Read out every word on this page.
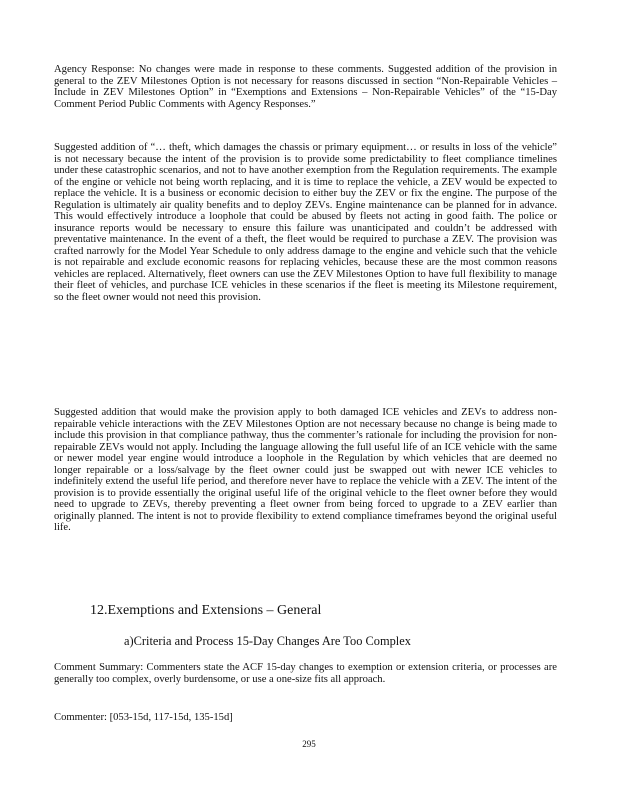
Agency Response: No changes were made in response to these comments. Suggested addition of the provision in general to the ZEV Milestones Option is not necessary for reasons discussed in section “Non-Repairable Vehicles – Include in ZEV Milestones Option” in “Exemptions and Extensions – Non-Repairable Vehicles” of the “15-Day Comment Period Public Comments with Agency Responses.”

Suggested addition of “… theft, which damages the chassis or primary equipment… or results in loss of the vehicle” is not necessary because the intent of the provision is to provide some predictability to fleet compliance timelines under these catastrophic scenarios, and not to have another exemption from the Regulation requirements. The example of the engine or vehicle not being worth replacing, and it is time to replace the vehicle, a ZEV would be expected to replace the vehicle. It is a business or economic decision to either buy the ZEV or fix the engine. The purpose of the Regulation is ultimately air quality benefits and to deploy ZEVs. Engine maintenance can be planned for in advance. This would effectively introduce a loophole that could be abused by fleets not acting in good faith. The police or insurance reports would be necessary to ensure this failure was unanticipated and couldn’t be addressed with preventative maintenance. In the event of a theft, the fleet would be required to purchase a ZEV. The provision was crafted narrowly for the Model Year Schedule to only address damage to the engine and vehicle such that the vehicle is not repairable and exclude economic reasons for replacing vehicles, because these are the most common reasons vehicles are replaced. Alternatively, fleet owners can use the ZEV Milestones Option to have full flexibility to manage their fleet of vehicles, and purchase ICE vehicles in these scenarios if the fleet is meeting its Milestone requirement, so the fleet owner would not need this provision.

Suggested addition that would make the provision apply to both damaged ICE vehicles and ZEVs to address non-repairable vehicle interactions with the ZEV Milestones Option are not necessary because no change is being made to include this provision in that compliance pathway, thus the commenter’s rationale for including the provision for non-repairable ZEVs would not apply. Including the language allowing the full useful life of an ICE vehicle with the same or newer model year engine would introduce a loophole in the Regulation by which vehicles that are deemed no longer repairable or a loss/salvage by the fleet owner could just be swapped out with newer ICE vehicles to indefinitely extend the useful life period, and therefore never have to replace the vehicle with a ZEV. The intent of the provision is to provide essentially the original useful life of the original vehicle to the fleet owner before they would need to upgrade to ZEVs, thereby preventing a fleet owner from being forced to upgrade to a ZEV earlier than originally planned. The intent is not to provide flexibility to extend compliance timeframes beyond the original useful life.

12.Exemptions and Extensions – General
a)Criteria and Process 15-Day Changes Are Too Complex

Comment Summary: Commenters state the ACF 15-day changes to exemption or extension criteria, or processes are generally too complex, overly burdensome, or use a one-size fits all approach.

Commenter: [053-15d, 117-15d, 135-15d]

295
